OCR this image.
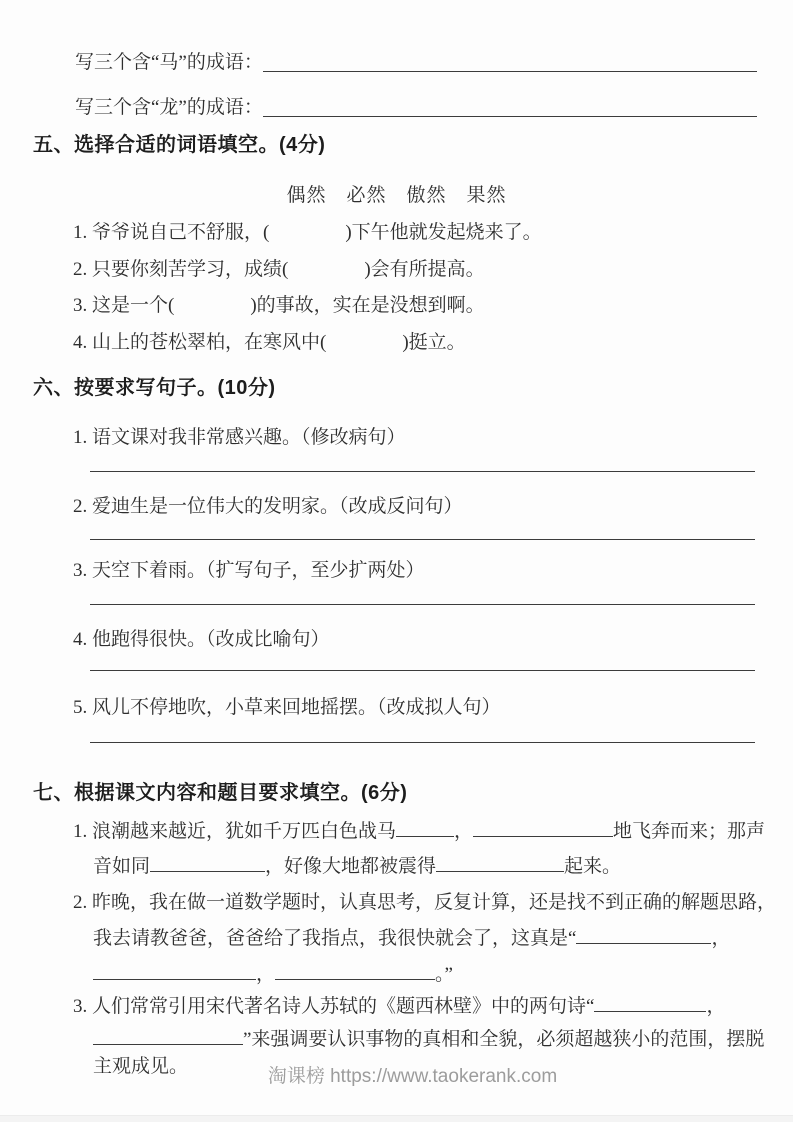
写三个含“马”的成语：
写三个含“龙”的成语：
五、选择合适的词语填空。(4分)
偶然　必然　傲然　果然
1. 爷爷说自己不舒服，(　　　　)下午他就发起烧来了。
2. 只要你刻苦学习，成绩(　　　　)会有所提高。
3. 这是一个(　　　　)的事故，实在是没想到啊。
4. 山上的苍松翠柏，在寒风中(　　　　)挺立。
六、按要求写句子。(10分)
1. 语文课对我非常感兴趣。（修改病句）
2. 爱迪生是一位伟大的发明家。（改成反问句）
3. 天空下着雨。（扩写句子，至少扩两处）
4. 他跑得很快。（改成比喻句）
5. 风儿不停地吹，小草来回地摇摆。（改成拟人句）
七、根据课文内容和题目要求填空。(6分)
1. 浪潮越来越近，犹如千万匹白色战马	，	地飞奔而来；那声
音如同	，好像大地都被震得	起来。
2. 昨晚，我在做一道数学题时，认真思考，反复计算，还是找不到正确的解题思路，
我去请教爸爸，爸爸给了我指点，我很快就会了，这真是“	，
，	。”
3. 人们常常引用宋代著名诗人苏轼的《题西林壁》中的两句诗“	，
”来强调要认识事物的真相和全貌，必须超越狭小的范围，摆脱
主观成见。	淘课榜 https://www.taokerank.com
